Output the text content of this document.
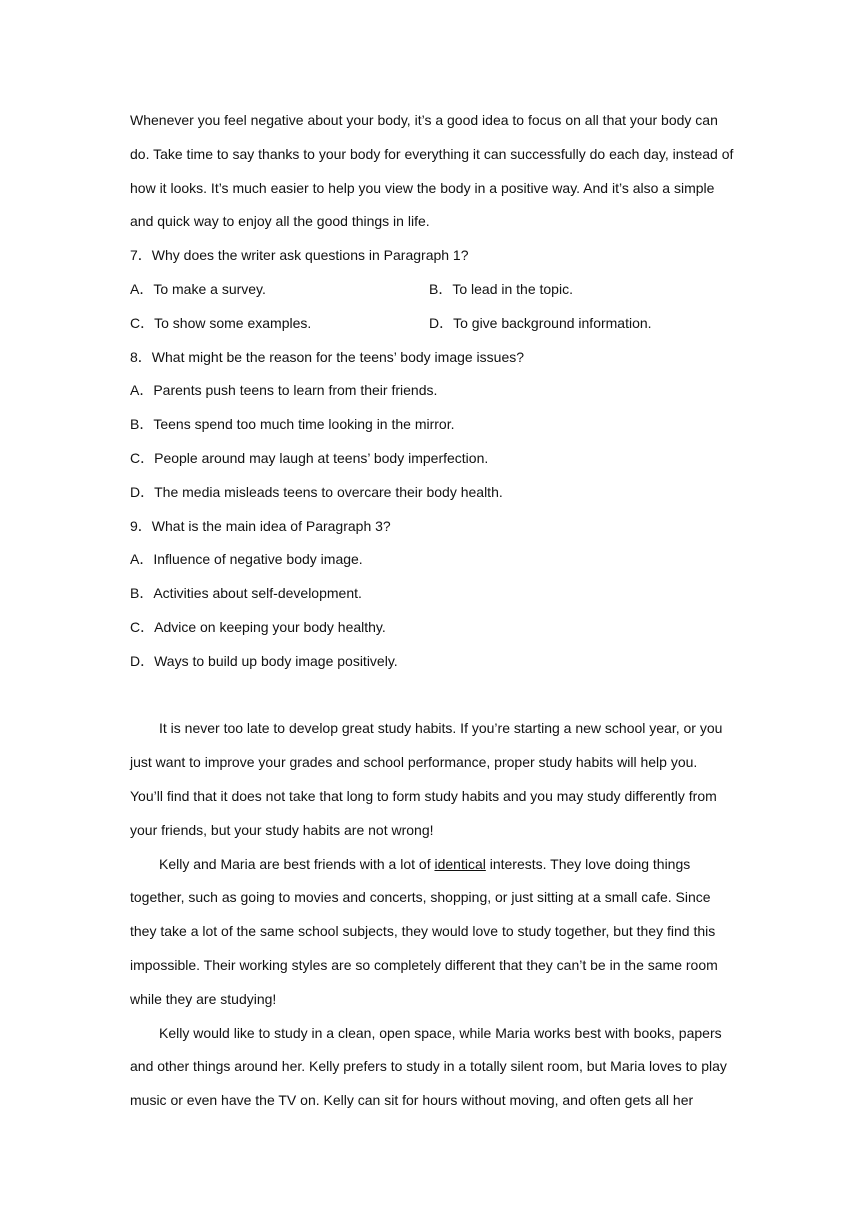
Whenever you feel negative about your body, it’s a good idea to focus on all that your body can
do. Take time to say thanks to your body for everything it can successfully do each day, instead of
how it looks. It’s much easier to help you view the body in a positive way. And it’s also a simple
and quick way to enjoy all the good things in life.
7．Why does the writer ask questions in Paragraph 1?
A．To make a survey.	B．To lead in the topic.
C．To show some examples.	D．To give background information.
8．What might be the reason for the teens’ body image issues?
A．Parents push teens to learn from their friends.
B．Teens spend too much time looking in the mirror.
C．People around may laugh at teens’ body imperfection.
D．The media misleads teens to overcare their body health.
9．What is the main idea of Paragraph 3?
A．Influence of negative body image.
B．Activities about self-development.
C．Advice on keeping your body healthy.
D．Ways to build up body image positively.
It is never too late to develop great study habits. If you’re starting a new school year, or you
just want to improve your grades and school performance, proper study habits will help you.
You’ll find that it does not take that long to form study habits and you may study differently from
your friends, but your study habits are not wrong!
Kelly and Maria are best friends with a lot of identical interests. They love doing things
together, such as going to movies and concerts, shopping, or just sitting at a small cafe. Since
they take a lot of the same school subjects, they would love to study together, but they find this
impossible. Their working styles are so completely different that they can’t be in the same room
while they are studying!
Kelly would like to study in a clean, open space, while Maria works best with books, papers
and other things around her. Kelly prefers to study in a totally silent room, but Maria loves to play
music or even have the TV on. Kelly can sit for hours without moving, and often gets all her
